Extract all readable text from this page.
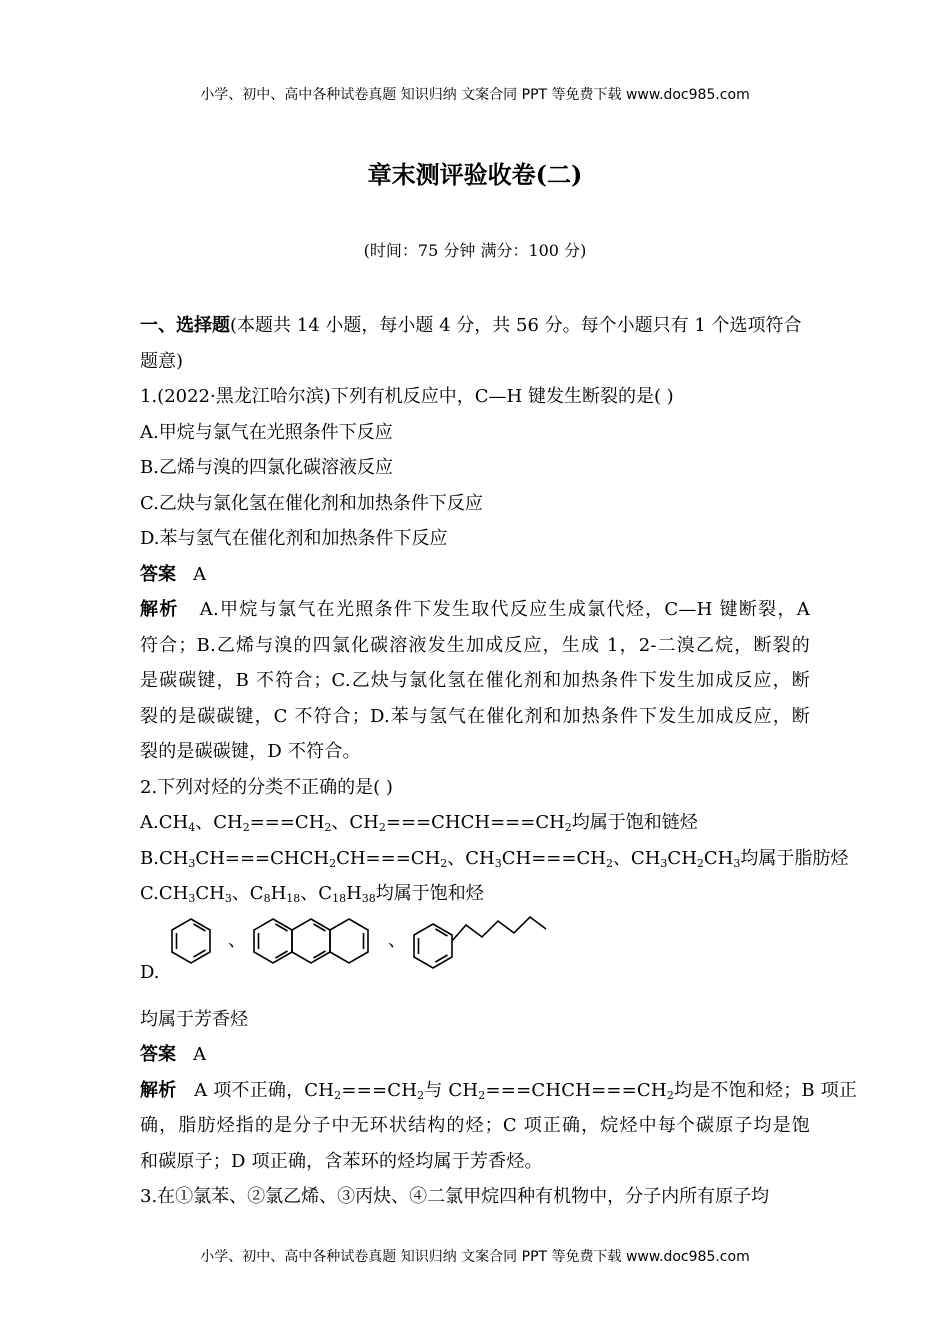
小学、初中、高中各种试卷真题 知识归纳 文案合同 PPT 等免费下载 www.doc985.com
章末测评验收卷(二)
(时间：75 分钟 满分：100 分)
一、选择题(本题共 14 小题，每小题 4 分，共 56 分。每个小题只有 1 个选项符合
题意)
1.(2022·黑龙江哈尔滨)下列有机反应中，C—H 键发生断裂的是( )
A.甲烷与氯气在光照条件下反应
B.乙烯与溴的四氯化碳溶液反应
C.乙炔与氯化氢在催化剂和加热条件下反应
D.苯与氢气在催化剂和加热条件下反应
答案 A
解析 A.甲烷与氯气在光照条件下发生取代反应生成氯代烃，C—H 键断裂，A
符合；B.乙烯与溴的四氯化碳溶液发生加成反应，生成 1，2-二溴乙烷，断裂的
是碳碳键，B 不符合；C.乙炔与氯化氢在催化剂和加热条件下发生加成反应，断
裂的是碳碳键，C 不符合；D.苯与氢气在催化剂和加热条件下发生加成反应，断
裂的是碳碳键，D 不符合。
2.下列对烃的分类不正确的是( )
$A.CH_4$、$CH_2===CH_2$、$CH_2===CHCH===CH_2$均属于饱和链烃
$B.CH_3CH===CHCH_2CH===CH_2$、$CH_3CH===CH_2$、$CH_3CH_2CH_3$均属于脂肪烃
$C.CH_3CH_3$、$C_8H_{18}$、$C_{18}H_{38}$均属于饱和烃
D.
、	、
均属于芳香烃
答案 A
解析 A 项不正确，$CH_2===CH_2$与 $CH_2===CHCH===CH_2$均是不饱和烃；B 项正
确，脂肪烃指的是分子中无环状结构的烃；C 项正确，烷烃中每个碳原子均是饱
和碳原子；D 项正确，含苯环的烃均属于芳香烃。
3.在①氯苯、②氯乙烯、③丙炔、④二氯甲烷四种有机物中，分子内所有原子均
小学、初中、高中各种试卷真题 知识归纳 文案合同 PPT 等免费下载 www.doc985.com
